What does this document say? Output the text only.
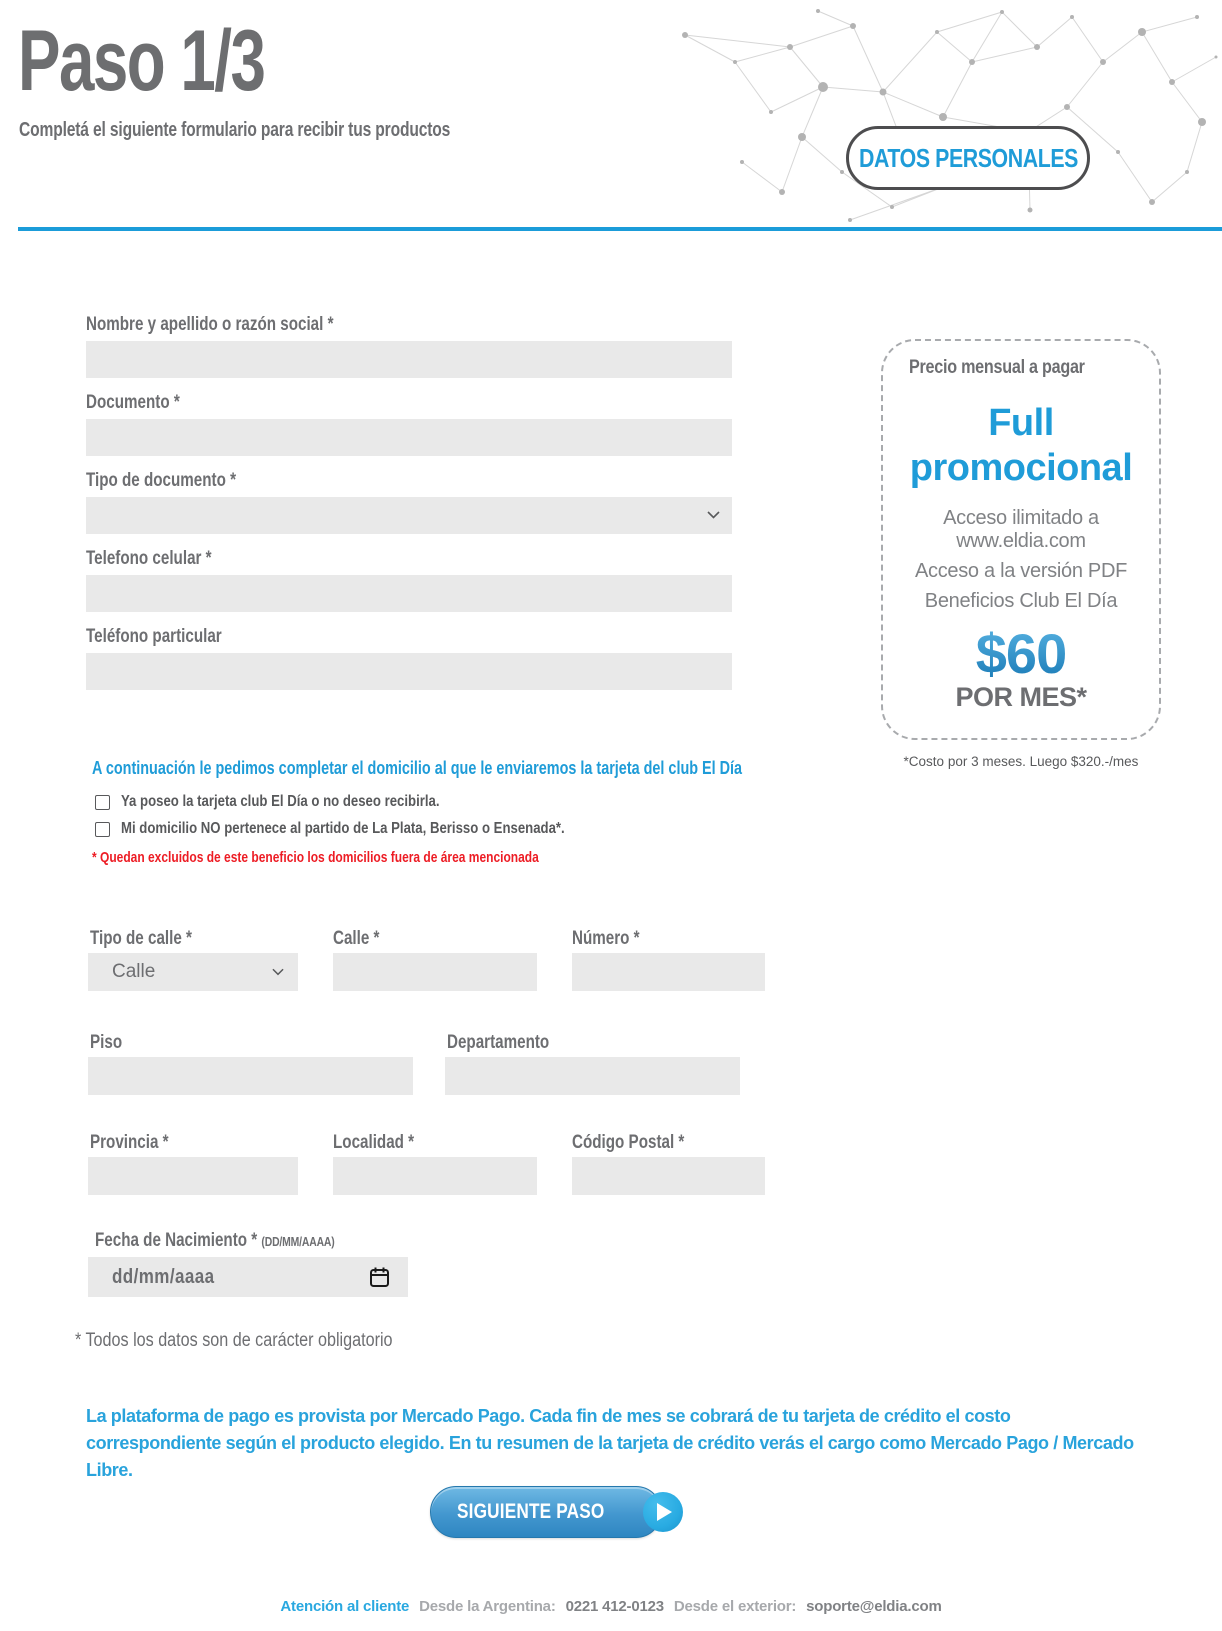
Paso 1/3
Completá el siguiente formulario para recibir tus productos
DATOS PERSONALES
Nombre y apellido o razón social *
Documento *
Tipo de documento *
Telefono celular *
Teléfono particular
Precio mensual a pagar
Full promocional
Acceso ilimitado a www.eldia.com
Acceso a la versión PDF
Beneficios Club El Día
$60
POR MES*
*Costo por 3 meses. Luego $320.-/mes
A continuación le pedimos completar el domicilio al que le enviaremos la tarjeta del club El Día
Ya poseo la tarjeta club El Día o no deseo recibirla.
Mi domicilio NO pertenece al partido de La Plata, Berisso o Ensenada*.
* Quedan excluidos de este beneficio los domicilios fuera de área mencionada
Tipo de calle *	Calle *	Número *
Calle
Piso	Departamento
Provincia *	Localidad *	Código Postal *
Fecha de Nacimiento * (DD/MM/AAAA)
dd/mm/aaaa
* Todos los datos son de carácter obligatorio
La plataforma de pago es provista por Mercado Pago. Cada fin de mes se cobrará de tu tarjeta de crédito el costo correspondiente según el producto elegido. En tu resumen de la tarjeta de crédito verás el cargo como Mercado Pago / Mercado Libre.
SIGUIENTE PASO
Atención al cliente Desde la Argentina: 0221 412-0123 Desde el exterior: soporte@eldia.com
